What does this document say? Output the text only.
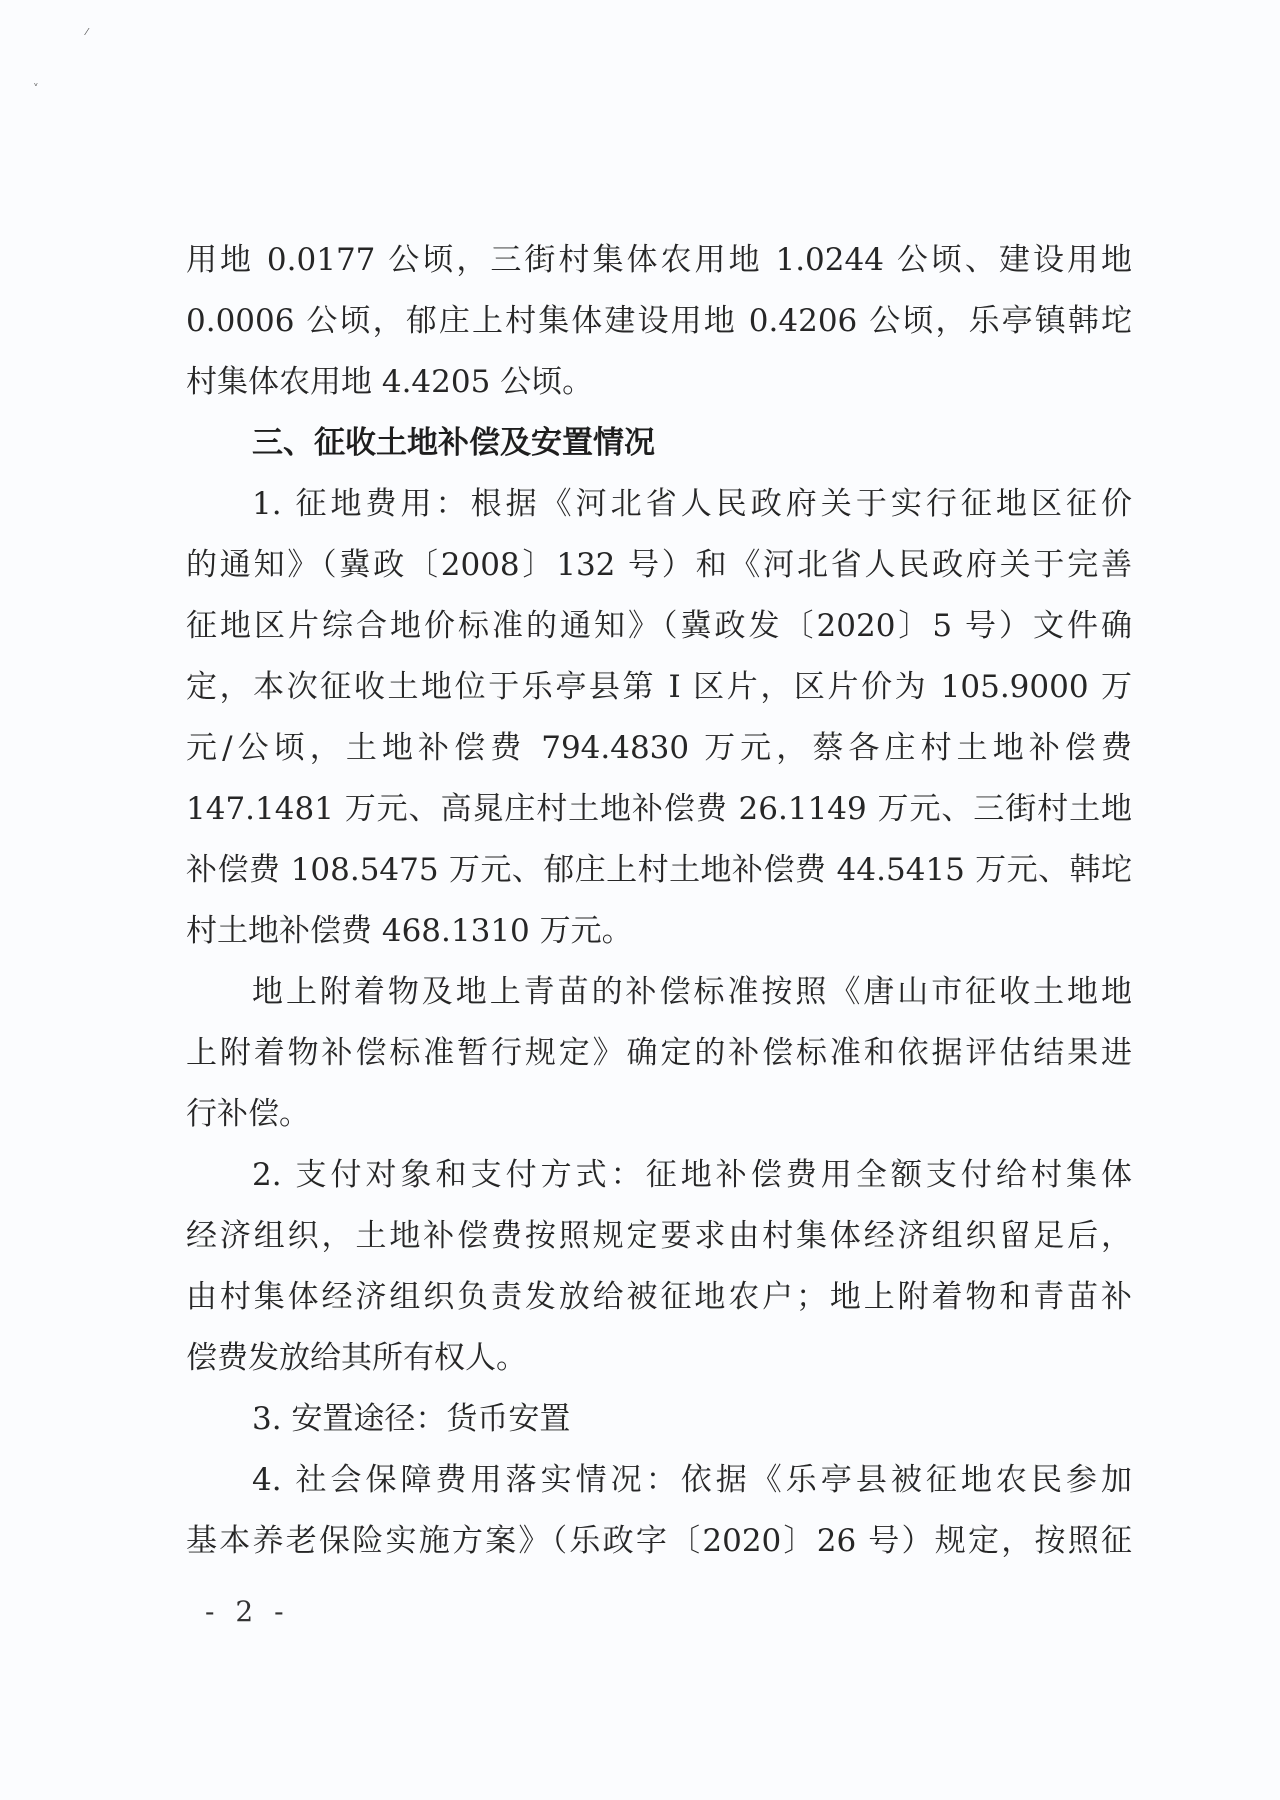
⁄
ᵥ
用地 0.0177 公顷，三街村集体农用地 1.0244 公顷、建设用地
0.0006 公顷，郁庄上村集体建设用地 0.4206 公顷，乐亭镇韩坨
村集体农用地 4.4205 公顷。
三、征收土地补偿及安置情况
1. 征地费用：根据《河北省人民政府关于实行征地区征价
的通知》（冀政〔2008〕132 号）和《河北省人民政府关于完善
征地区片综合地价标准的通知》（冀政发〔2020〕5 号）文件确
定，本次征收土地位于乐亭县第 I 区片，区片价为 105.9000 万
元/公顷，土地补偿费 794.4830 万元，蔡各庄村土地补偿费
147.1481 万元、高晁庄村土地补偿费 26.1149 万元、三街村土地
补偿费 108.5475 万元、郁庄上村土地补偿费 44.5415 万元、韩坨
村土地补偿费 468.1310 万元。
地上附着物及地上青苗的补偿标准按照《唐山市征收土地地
上附着物补偿标准暂行规定》确定的补偿标准和依据评估结果进
行补偿。
2. 支付对象和支付方式：征地补偿费用全额支付给村集体
经济组织，土地补偿费按照规定要求由村集体经济组织留足后，
由村集体经济组织负责发放给被征地农户；地上附着物和青苗补
偿费发放给其所有权人。
3. 安置途径：货币安置
4. 社会保障费用落实情况：依据《乐亭县被征地农民参加
基本养老保险实施方案》（乐政字〔2020〕26 号）规定，按照征
- 2 -
